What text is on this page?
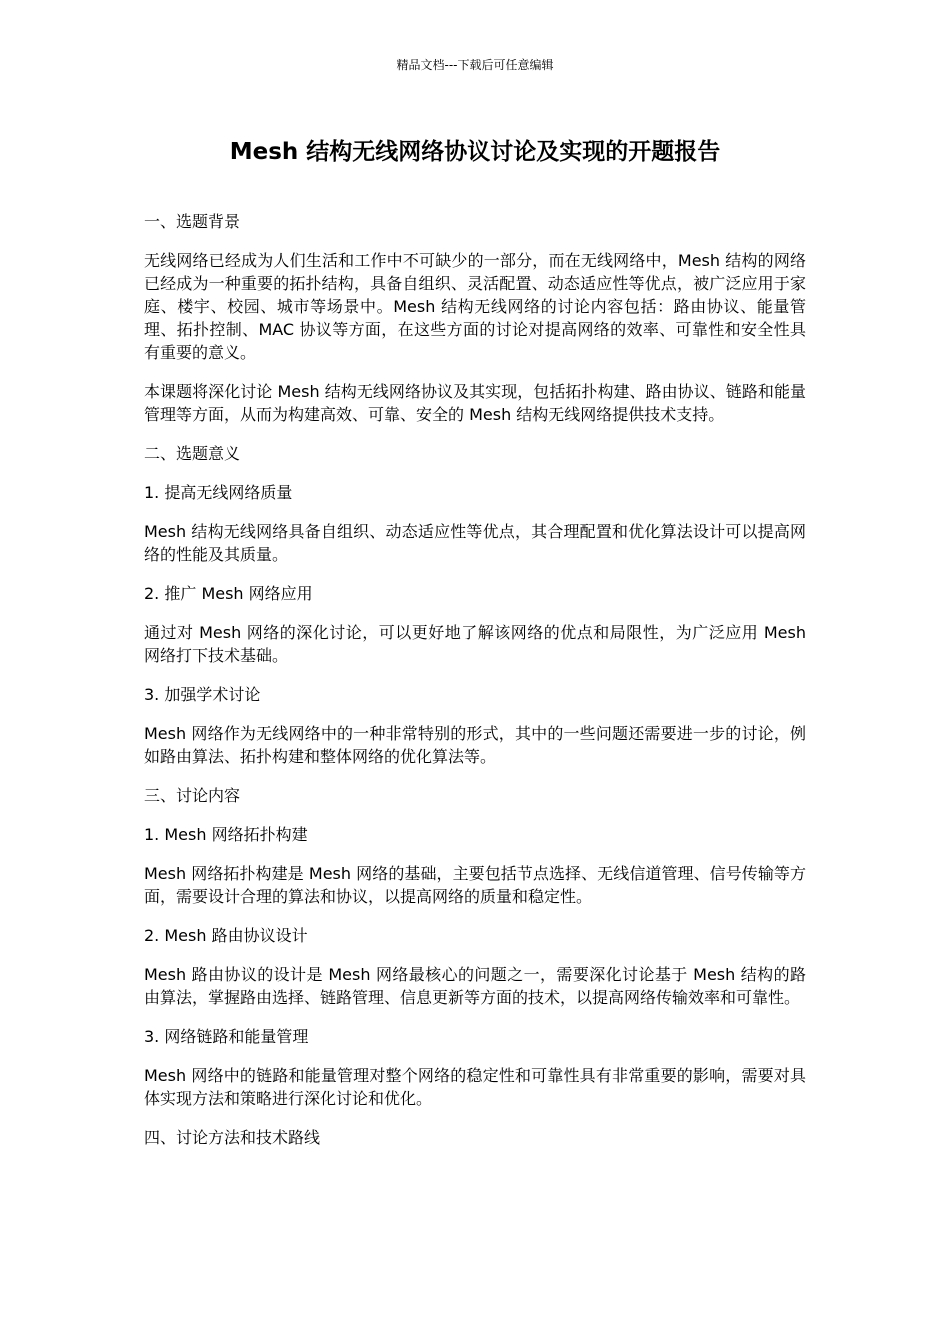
精品文档---下载后可任意编辑
Mesh 结构无线网络协议讨论及实现的开题报告

一、选题背景

无线网络已经成为人们生活和工作中不可缺少的一部分，而在无线网络中，Mesh 结构的网络已经成为一种重要的拓扑结构，具备自组织、灵活配置、动态适应性等优点，被广泛应用于家庭、楼宇、校园、城市等场景中。Mesh 结构无线网络的讨论内容包括：路由协议、能量管理、拓扑控制、MAC 协议等方面，在这些方面的讨论对提高网络的效率、可靠性和安全性具有重要的意义。

本课题将深化讨论 Mesh 结构无线网络协议及其实现，包括拓扑构建、路由协议、链路和能量管理等方面，从而为构建高效、可靠、安全的 Mesh 结构无线网络提供技术支持。

二、选题意义

1. 提高无线网络质量

Mesh 结构无线网络具备自组织、动态适应性等优点，其合理配置和优化算法设计可以提高网络的性能及其质量。

2. 推广 Mesh 网络应用

通过对 Mesh 网络的深化讨论，可以更好地了解该网络的优点和局限性，为广泛应用 Mesh 网络打下技术基础。

3. 加强学术讨论

Mesh 网络作为无线网络中的一种非常特别的形式，其中的一些问题还需要进一步的讨论，例如路由算法、拓扑构建和整体网络的优化算法等。

三、讨论内容

1. Mesh 网络拓扑构建

Mesh 网络拓扑构建是 Mesh 网络的基础，主要包括节点选择、无线信道管理、信号传输等方面，需要设计合理的算法和协议，以提高网络的质量和稳定性。

2. Mesh 路由协议设计

Mesh 路由协议的设计是 Mesh 网络最核心的问题之一，需要深化讨论基于 Mesh 结构的路由算法，掌握路由选择、链路管理、信息更新等方面的技术，以提高网络传输效率和可靠性。

3. 网络链路和能量管理

Mesh 网络中的链路和能量管理对整个网络的稳定性和可靠性具有非常重要的影响，需要对具体实现方法和策略进行深化讨论和优化。

四、讨论方法和技术路线
